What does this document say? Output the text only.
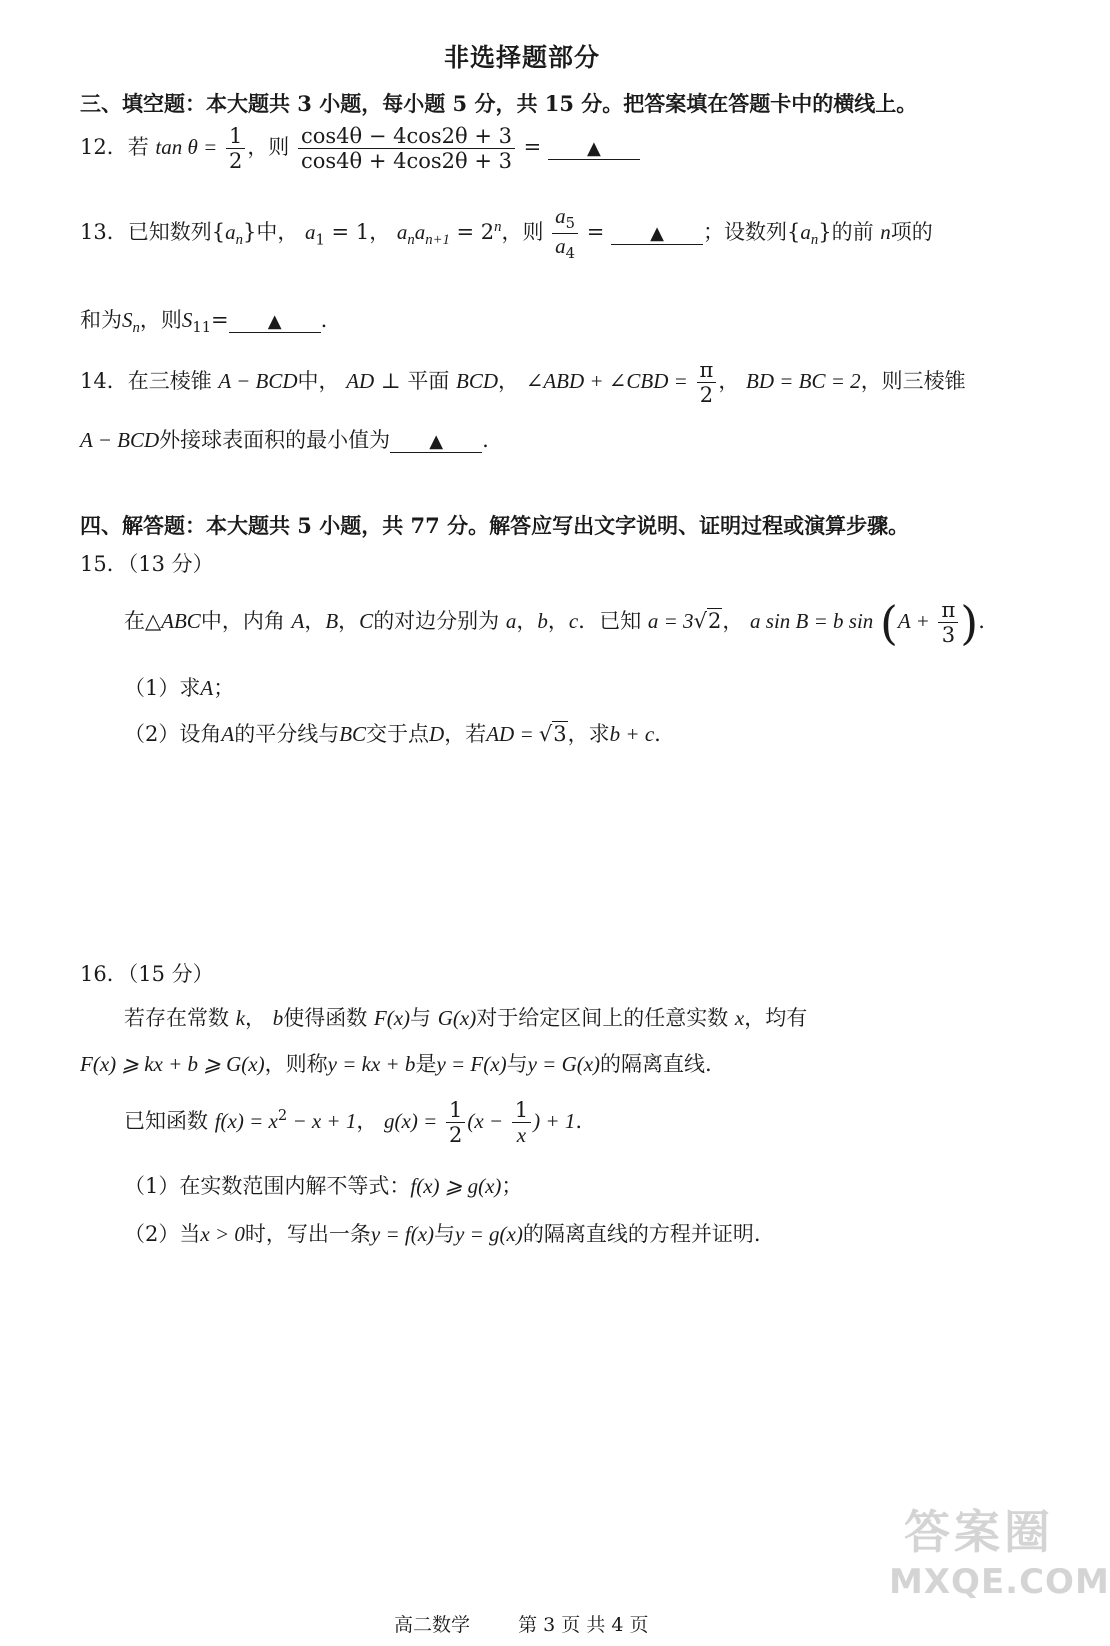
非选择题部分
三、填空题：本大题共 3 小题，每小题 5 分，共 15 分。把答案填在答题卡中的横线上。
12．若 $\tan \theta = \frac{1}{2}$ ，则 $\frac{\cos 4\theta - 4\cos 2\theta + 3}{\cos 4\theta + 4\cos 2\theta + 3}$ =	▲
13．已知数列$\{a_n\}$中， $a_1 = 1$， $a_na_{n+1} = 2^n$，则 $\frac{a_5}{a_4}$ =	▲ ；设数列$\{a_n\}$的前 n项的
和为$S_n$，则$S_{11}=$ ▲ .
14．在三棱锥 A − BCD中， AD ⊥ 平面 BCD， ∠ABD + ∠CBD = $\frac{\pi}{2}$ ， BD = BC = 2，则三棱锥
A − BCD外接球表面积的最小值为 ▲ .
四、解答题：本大题共 5 小题，共 77 分。解答应写出文字说明、证明过程或演算步骤。
15．（13 分）
在△ABC中，内角 A，B，C的对边分别为 a，b，c．已知 a = 3√2， a sin B = b $\sin (A + \frac{\pi}{3}$ ).
（1）求A；
（2）设角A的平分线与BC交于点D，若AD = √3，求b + c.
16．（15 分）
若存在常数 k， b使得函数 F(x)与 G(x)对于给定区间上的任意实数 x，均有
F(x) ⩾ kx + b ⩾ G(x)，则称y = kx + b是y = F(x)与y = G(x)的隔离直线.
已知函数 $f(x) = x^2 - x + 1$， $g(x) = \frac{1}{2} (x - \frac{1}{x}$ ) + 1.
（1）在实数范围内解不等式：f(x) ⩾ g(x)；
（2）当x > 0时，写出一条y = f(x)与y = g(x)的隔离直线的方程并证明.
高二数学	第 3 页 共 4 页
答案圈
MXQE.COM
